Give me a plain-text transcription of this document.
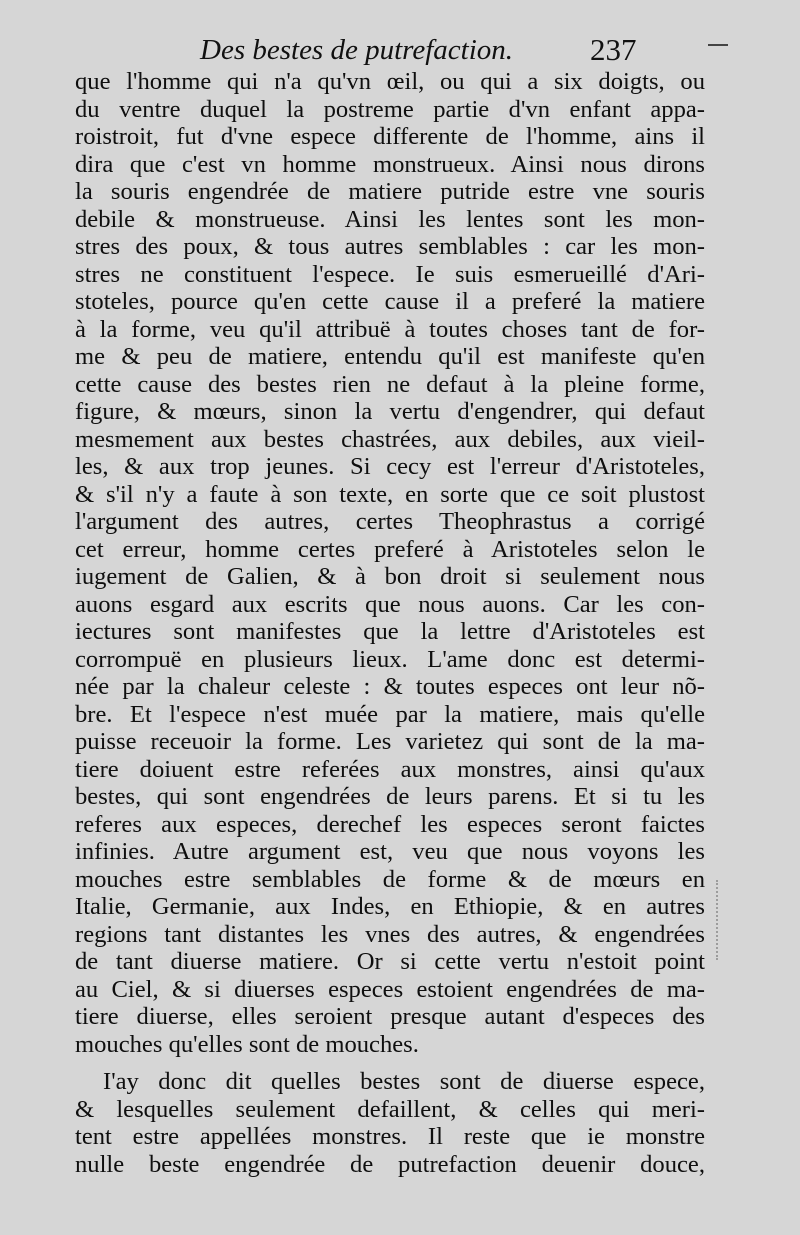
Des bestes de putrefaction. 237
que l'homme qui n'a qu'vn œil, ou qui a six doigts, ou
du ventre duquel la postreme partie d'vn enfant appa-
roistroit, fut d'vne espece differente de l'homme, ains il
dira que c'est vn homme monstrueux. Ainsi nous dirons
la souris engendrée de matiere putride estre vne souris
debile & monstrueuse. Ainsi les lentes sont les mon-
stres des poux, & tous autres semblables : car les mon-
stres ne constituent l'espece. Ie suis esmerueillé d'Ari-
stoteles, pource qu'en cette cause il a preferé la matiere
à la forme, veu qu'il attribuë à toutes choses tant de for-
me & peu de matiere, entendu qu'il est manifeste qu'en
cette cause des bestes rien ne defaut à la pleine forme,
figure, & mœurs, sinon la vertu d'engendrer, qui defaut
mesmement aux bestes chastrées, aux debiles, aux vieil-
les, & aux trop jeunes. Si cecy est l'erreur d'Aristoteles,
& s'il n'y a faute à son texte, en sorte que ce soit plustost
l'argument des autres, certes Theophrastus a corrigé
cet erreur, homme certes preferé à Aristoteles selon le
iugement de Galien, & à bon droit si seulement nous
auons esgard aux escrits que nous auons. Car les con-
iectures sont manifestes que la lettre d'Aristoteles est
corrompuë en plusieurs lieux. L'ame donc est determi-
née par la chaleur celeste : & toutes especes ont leur nõ-
bre. Et l'espece n'est muée par la matiere, mais qu'elle
puisse receuoir la forme. Les varietez qui sont de la ma-
tiere doiuent estre referées aux monstres, ainsi qu'aux
bestes, qui sont engendrées de leurs parens. Et si tu les
referes aux especes, derechef les especes seront faictes
infinies. Autre argument est, veu que nous voyons les
mouches estre semblables de forme & de mœurs en
Italie, Germanie, aux Indes, en Ethiopie, & en autres
regions tant distantes les vnes des autres, & engendrées
de tant diuerse matiere. Or si cette vertu n'estoit point
au Ciel, & si diuerses especes estoient engendrées de ma-
tiere diuerse, elles seroient presque autant d'especes des
mouches qu'elles sont de mouches.
I'ay donc dit quelles bestes sont de diuerse espece,
& lesquelles seulement defaillent, & celles qui meri-
tent estre appellées monstres. Il reste que ie monstre
nulle beste engendrée de putrefaction deuenir douce,
